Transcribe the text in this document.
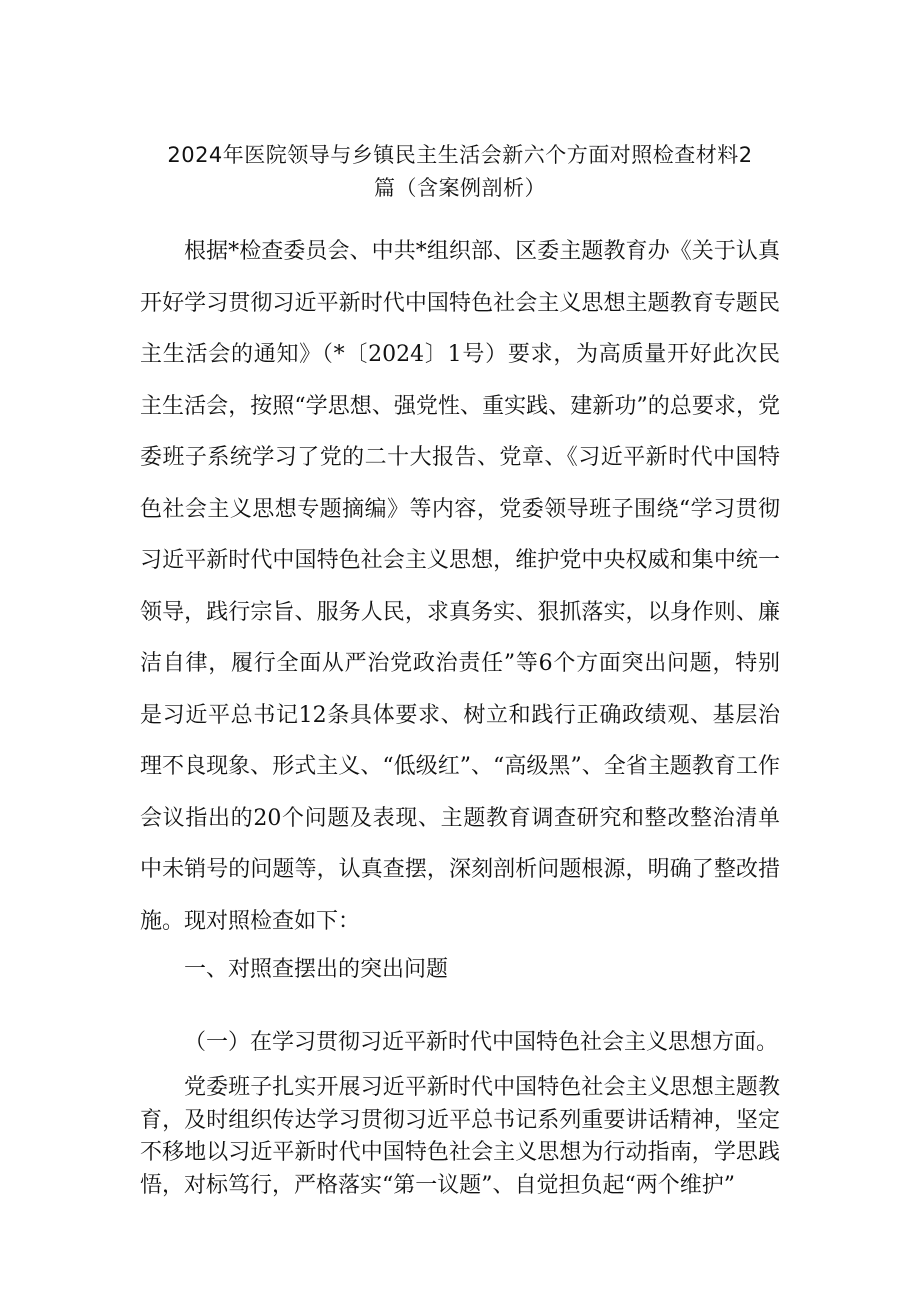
2024年医院领导与乡镇民主生活会新六个方面对照检查材料2
篇（含案例剖析）

根据*检查委员会、中共*组织部、区委主题教育办《关于认真开好学习贯彻习近平新时代中国特色社会主义思想主题教育专题民主生活会的通知》（*〔2024〕1号）要求，为高质量开好此次民主生活会，按照“学思想、强党性、重实践、建新功”的总要求，党委班子系统学习了党的二十大报告、党章、《习近平新时代中国特色社会主义思想专题摘编》等内容，党委领导班子围绕“学习贯彻习近平新时代中国特色社会主义思想，维护党中央权威和集中统一领导，践行宗旨、服务人民，求真务实、狠抓落实，以身作则、廉洁自律，履行全面从严治党政治责任”等6个方面突出问题，特别是习近平总书记12条具体要求、树立和践行正确政绩观、基层治理不良现象、形式主义、“低级红”、“高级黑”、全省主题教育工作会议指出的20个问题及表现、主题教育调查研究和整改整治清单中未销号的问题等，认真查摆，深刻剖析问题根源，明确了整改措施。现对照检查如下：

一、对照查摆出的突出问题

（一）在学习贯彻习近平新时代中国特色社会主义思想方面。

党委班子扎实开展习近平新时代中国特色社会主义思想主题教育，及时组织传达学习贯彻习近平总书记系列重要讲话精神，坚定不移地以习近平新时代中国特色社会主义思想为行动指南，学思践悟，对标笃行，严格落实“第一议题”、自觉担负起“两个维护”
